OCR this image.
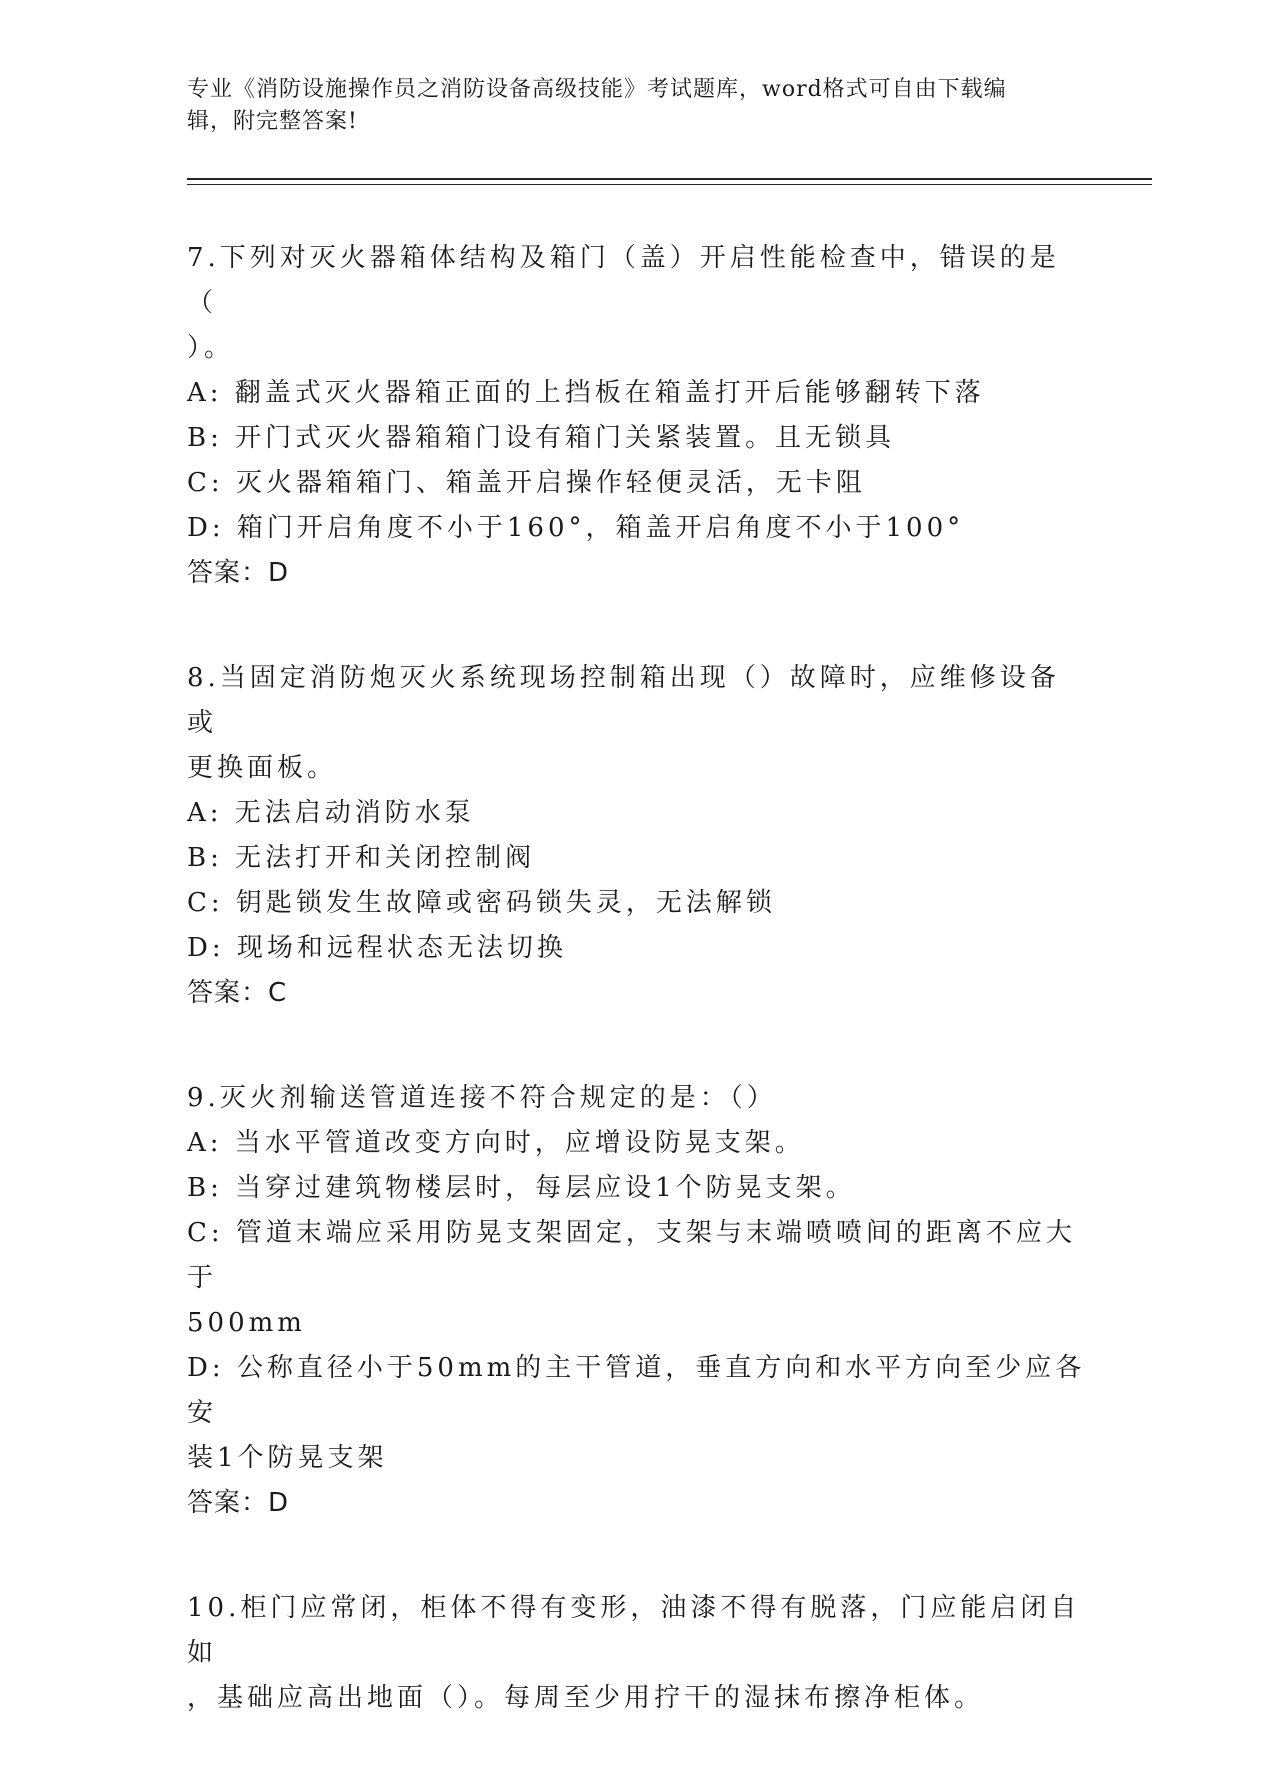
专业《消防设施操作员之消防设备高级技能》考试题库，word格式可自由下载编
辑，附完整答案!

7.下列对灭火器箱体结构及箱门（盖）开启性能检查中，错误的是（

）。

A: 翻盖式灭火器箱正面的上挡板在箱盖打开后能够翻转下落

B: 开门式灭火器箱箱门设有箱门关紧装置。且无锁具

C: 灭火器箱箱门、箱盖开启操作轻便灵活，无卡阻

D: 箱门开启角度不小于160°，箱盖开启角度不小于100°

答案：D

8.当固定消防炮灭火系统现场控制箱出现（）故障时，应维修设备或

更换面板。

A: 无法启动消防水泵

B: 无法打开和关闭控制阀

C: 钥匙锁发生故障或密码锁失灵，无法解锁

D: 现场和远程状态无法切换

答案：C

9.灭火剂输送管道连接不符合规定的是：（）

A: 当水平管道改变方向时，应增设防晃支架。

B: 当穿过建筑物楼层时，每层应设1个防晃支架。

C: 管道末端应采用防晃支架固定，支架与末端喷喷间的距离不应大于

500mm

D: 公称直径小于50mm的主干管道，垂直方向和水平方向至少应各安

装1个防晃支架

答案：D

10.柜门应常闭，柜体不得有变形，油漆不得有脱落，门应能启闭自如

，基础应高出地面（）。每周至少用拧干的湿抹布擦净柜体。
